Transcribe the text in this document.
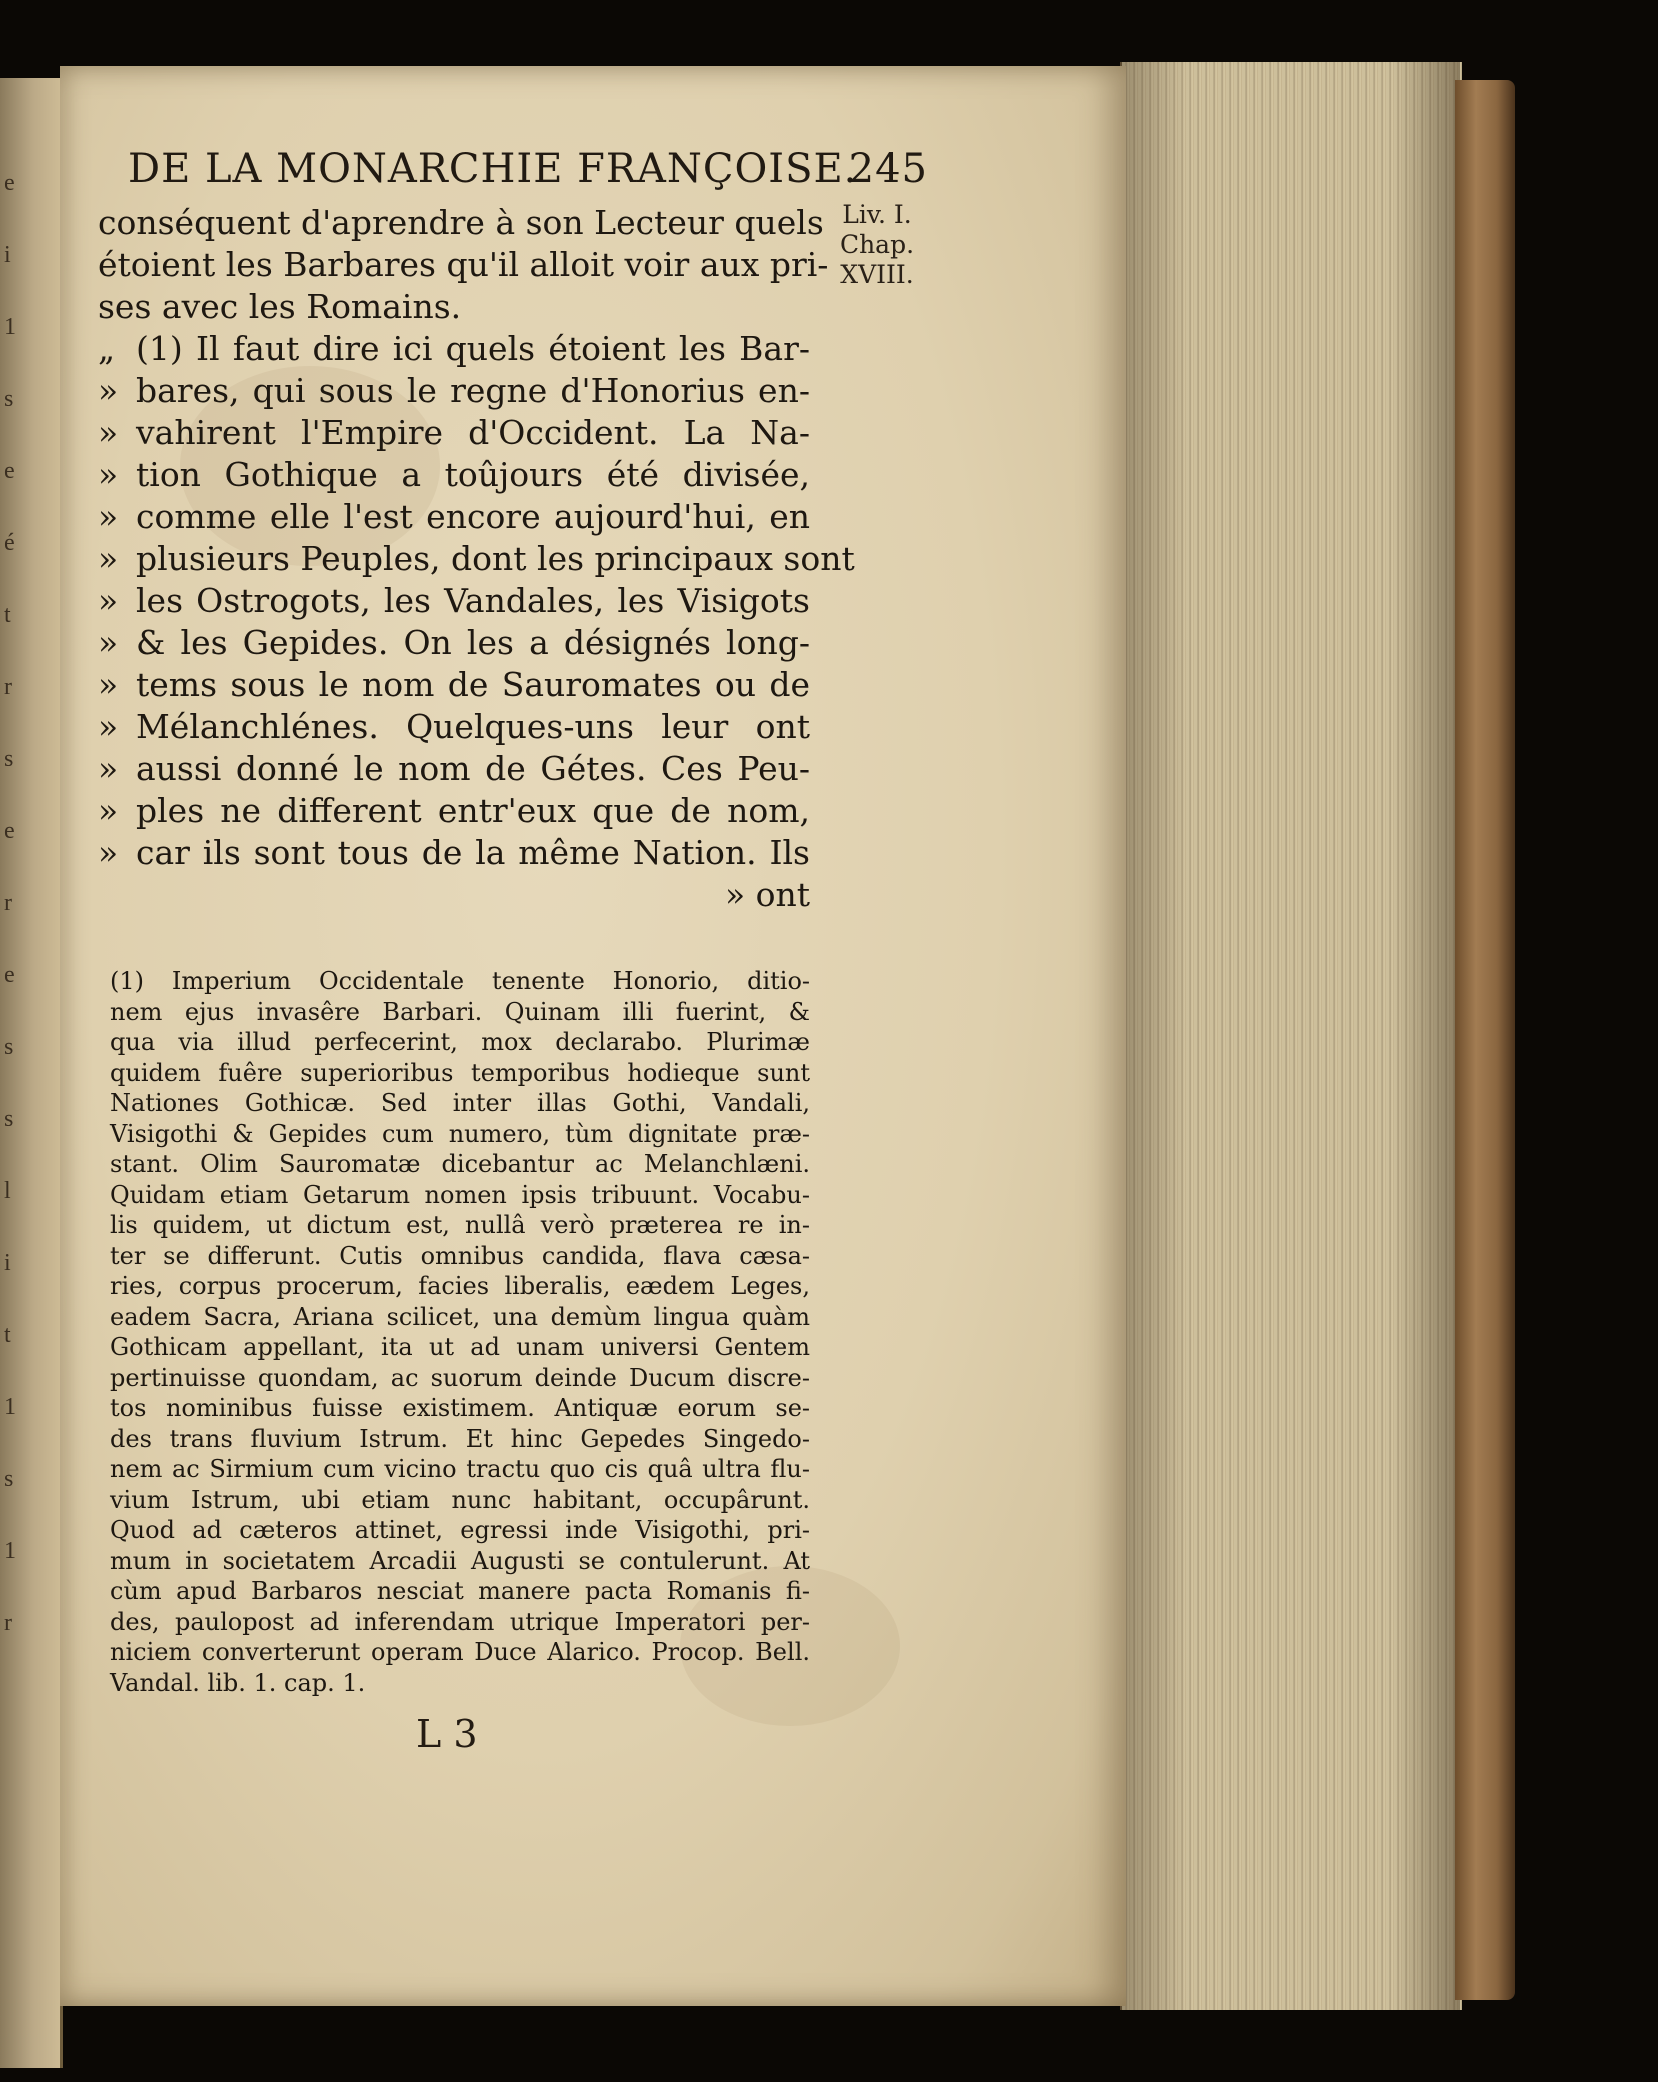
e
i
1
s
e
é
t
r
s
e
r
e
s
s
l
i
t
1
s
1
r
DE LA MONARCHIE FRANÇOISE.
245
Liv. I.
Chap.
XVIII.
conséquent d'aprendre à son Lecteur quels
étoient les Barbares qu'il alloit voir aux pri-
ses avec les Romains.
„ (1) Il faut dire ici quels étoient les Bar-
» bares, qui sous le regne d'Honorius en-
» vahirent l'Empire d'Occident. La Na-
» tion Gothique a toûjours été divisée,
» comme elle l'est encore aujourd'hui, en
» plusieurs Peuples, dont les principaux sont
» les Ostrogots, les Vandales, les Visigots
» & les Gepides. On les a désignés long-
» tems sous le nom de Sauromates ou de
» Mélanchlénes. Quelques-uns leur ont
» aussi donné le nom de Gétes. Ces Peu-
» ples ne different entr'eux que de nom,
» car ils sont tous de la même Nation. Ils
» ont
(1) Imperium Occidentale tenente Honorio, ditio-
nem ejus invasêre Barbari. Quinam illi fuerint, &
qua via illud perfecerint, mox declarabo. Plurimæ
quidem fuêre superioribus temporibus hodieque sunt
Nationes Gothicæ. Sed inter illas Gothi, Vandali,
Visigothi & Gepides cum numero, tùm dignitate præ-
stant. Olim Sauromatæ dicebantur ac Melanchlæni.
Quidam etiam Getarum nomen ipsis tribuunt. Vocabu-
lis quidem, ut dictum est, nullâ verò præterea re in-
ter se differunt. Cutis omnibus candida, flava cæsa-
ries, corpus procerum, facies liberalis, eædem Leges,
eadem Sacra, Ariana scilicet, una demùm lingua quàm
Gothicam appellant, ita ut ad unam universi Gentem
pertinuisse quondam, ac suorum deinde Ducum discre-
tos nominibus fuisse existimem. Antiquæ eorum se-
des trans fluvium Istrum. Et hinc Gepedes Singedo-
nem ac Sirmium cum vicino tractu quo cis quâ ultra flu-
vium Istrum, ubi etiam nunc habitant, occupârunt.
Quod ad cæteros attinet, egressi inde Visigothi, pri-
mum in societatem Arcadii Augusti se contulerunt. At
cùm apud Barbaros nesciat manere pacta Romanis fi-
des, paulopost ad inferendam utrique Imperatori per-
niciem converterunt operam Duce Alarico. Procop. Bell.
Vandal. lib. 1. cap. 1.
L 3
